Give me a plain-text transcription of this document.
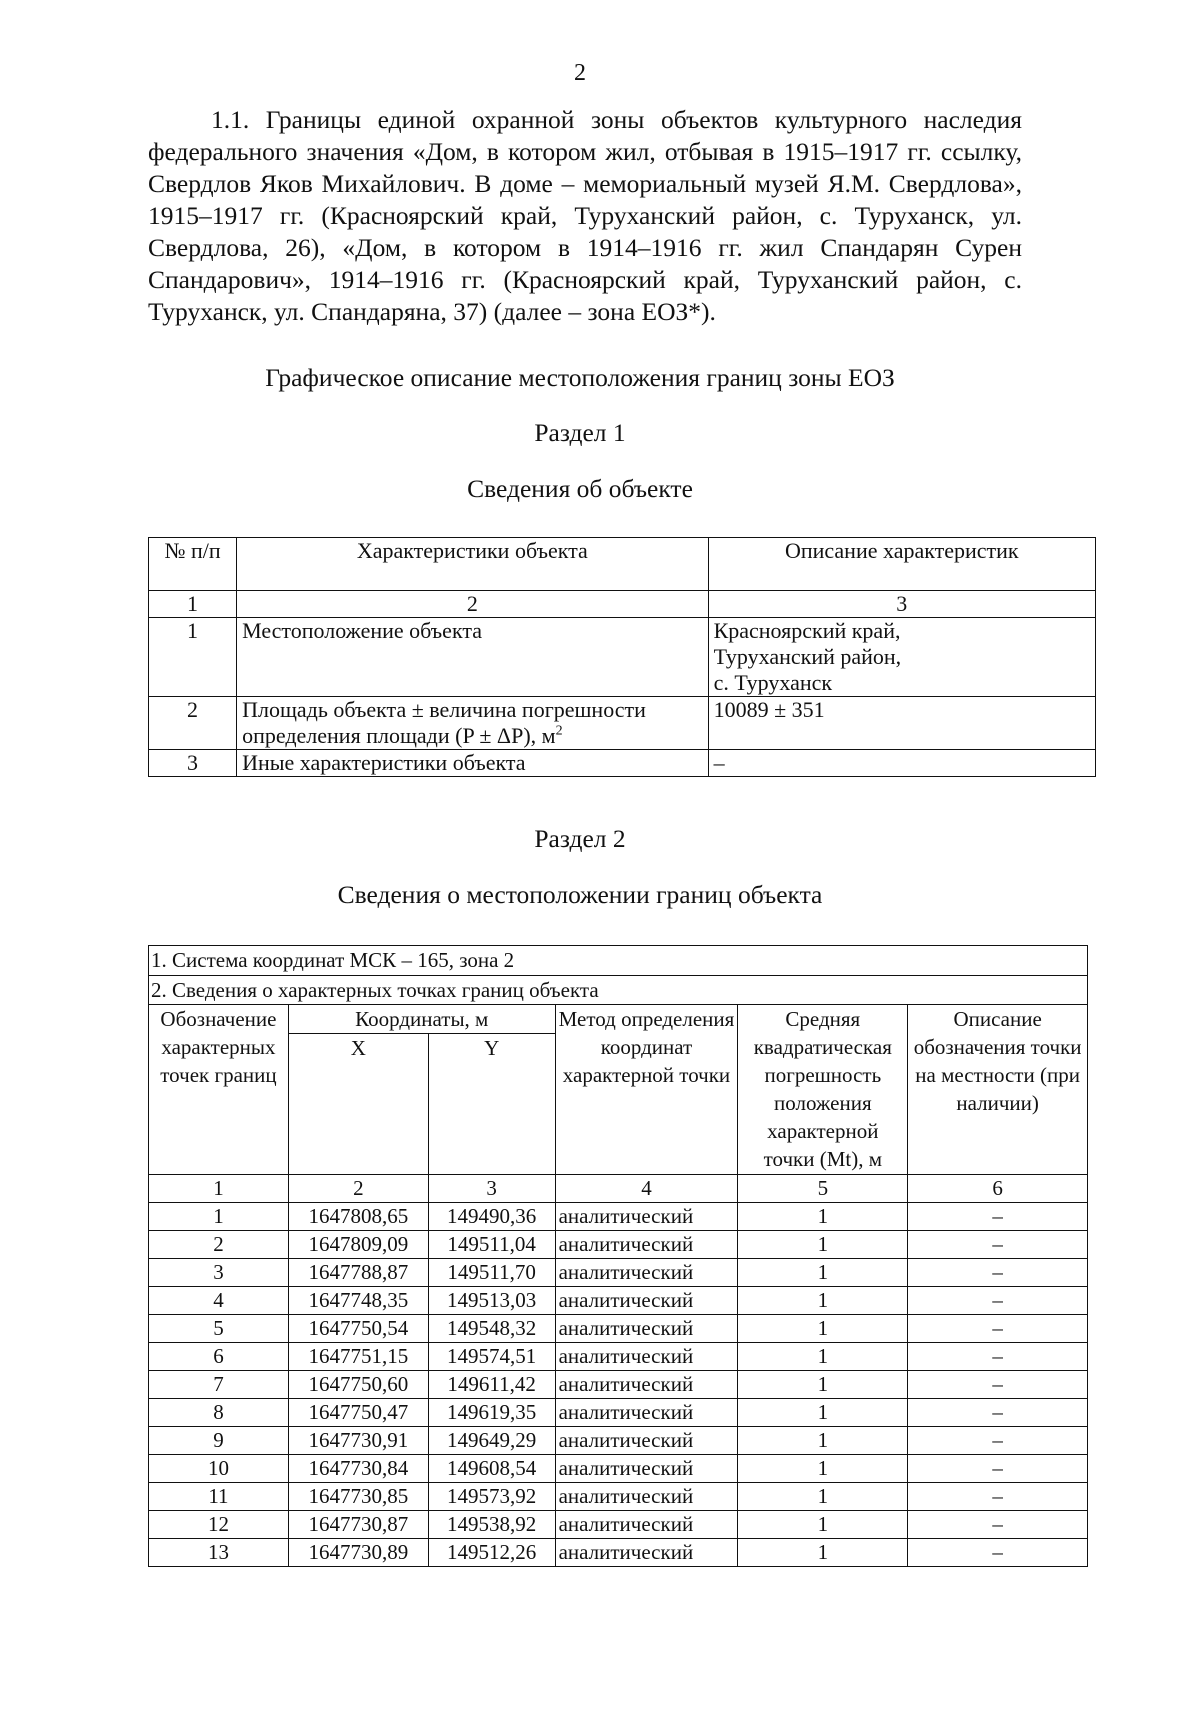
2

1.1. Границы единой охранной зоны объектов культурного наследия федерального значения «Дом, в котором жил, отбывая в 1915–1917 гг. ссылку, Свердлов Яков Михайлович. В доме – мемориальный музей Я.М. Свердлова», 1915–1917 гг. (Красноярский край, Туруханский район, с. Туруханск, ул. Свердлова, 26), «Дом, в котором в 1914–1916 гг. жил Спандарян Сурен Спандарович», 1914–1916 гг. (Красноярский край, Туруханский район, с. Туруханск, ул. Спандаряна, 37) (далее – зона ЕОЗ*).

Графическое описание местоположения границ зоны ЕОЗ
Раздел 1
Сведения об объекте
№ п/п	Характеристики объекта	Описание характеристик
1	2	3
1	Местоположение объекта	Красноярский край,
Туруханский район,
с. Туруханск

2	Площадь объекта ± величина погрешности определения площади (P ± ΔP), $м^2$	10089 ± 351
3	Иные характеристики объекта	–
Раздел 2
Сведения о местоположении границ объекта
1. Система координат МСК – 165, зона 2					
2. Сведения о характерных точках границ объекта					
Обозначение характерных точек границ	Координаты, м		Метод определения координат характерной точки	Средняя квадратическая погрешность положения характерной точки (Mt), м	Описание обозначения точки на местности (при наличии)
	X	Y			
1	2	3	4	5	6
1	1647808,65	149490,36	аналитический	1	–
2	1647809,09	149511,04	аналитический	1	–
3	1647788,87	149511,70	аналитический	1	–
4	1647748,35	149513,03	аналитический	1	–
5	1647750,54	149548,32	аналитический	1	–
6	1647751,15	149574,51	аналитический	1	–
7	1647750,60	149611,42	аналитический	1	–
8	1647750,47	149619,35	аналитический	1	–
9	1647730,91	149649,29	аналитический	1	–
10	1647730,84	149608,54	аналитический	1	–
11	1647730,85	149573,92	аналитический	1	–
12	1647730,87	149538,92	аналитический	1	–
13	1647730,89	149512,26	аналитический	1	–
